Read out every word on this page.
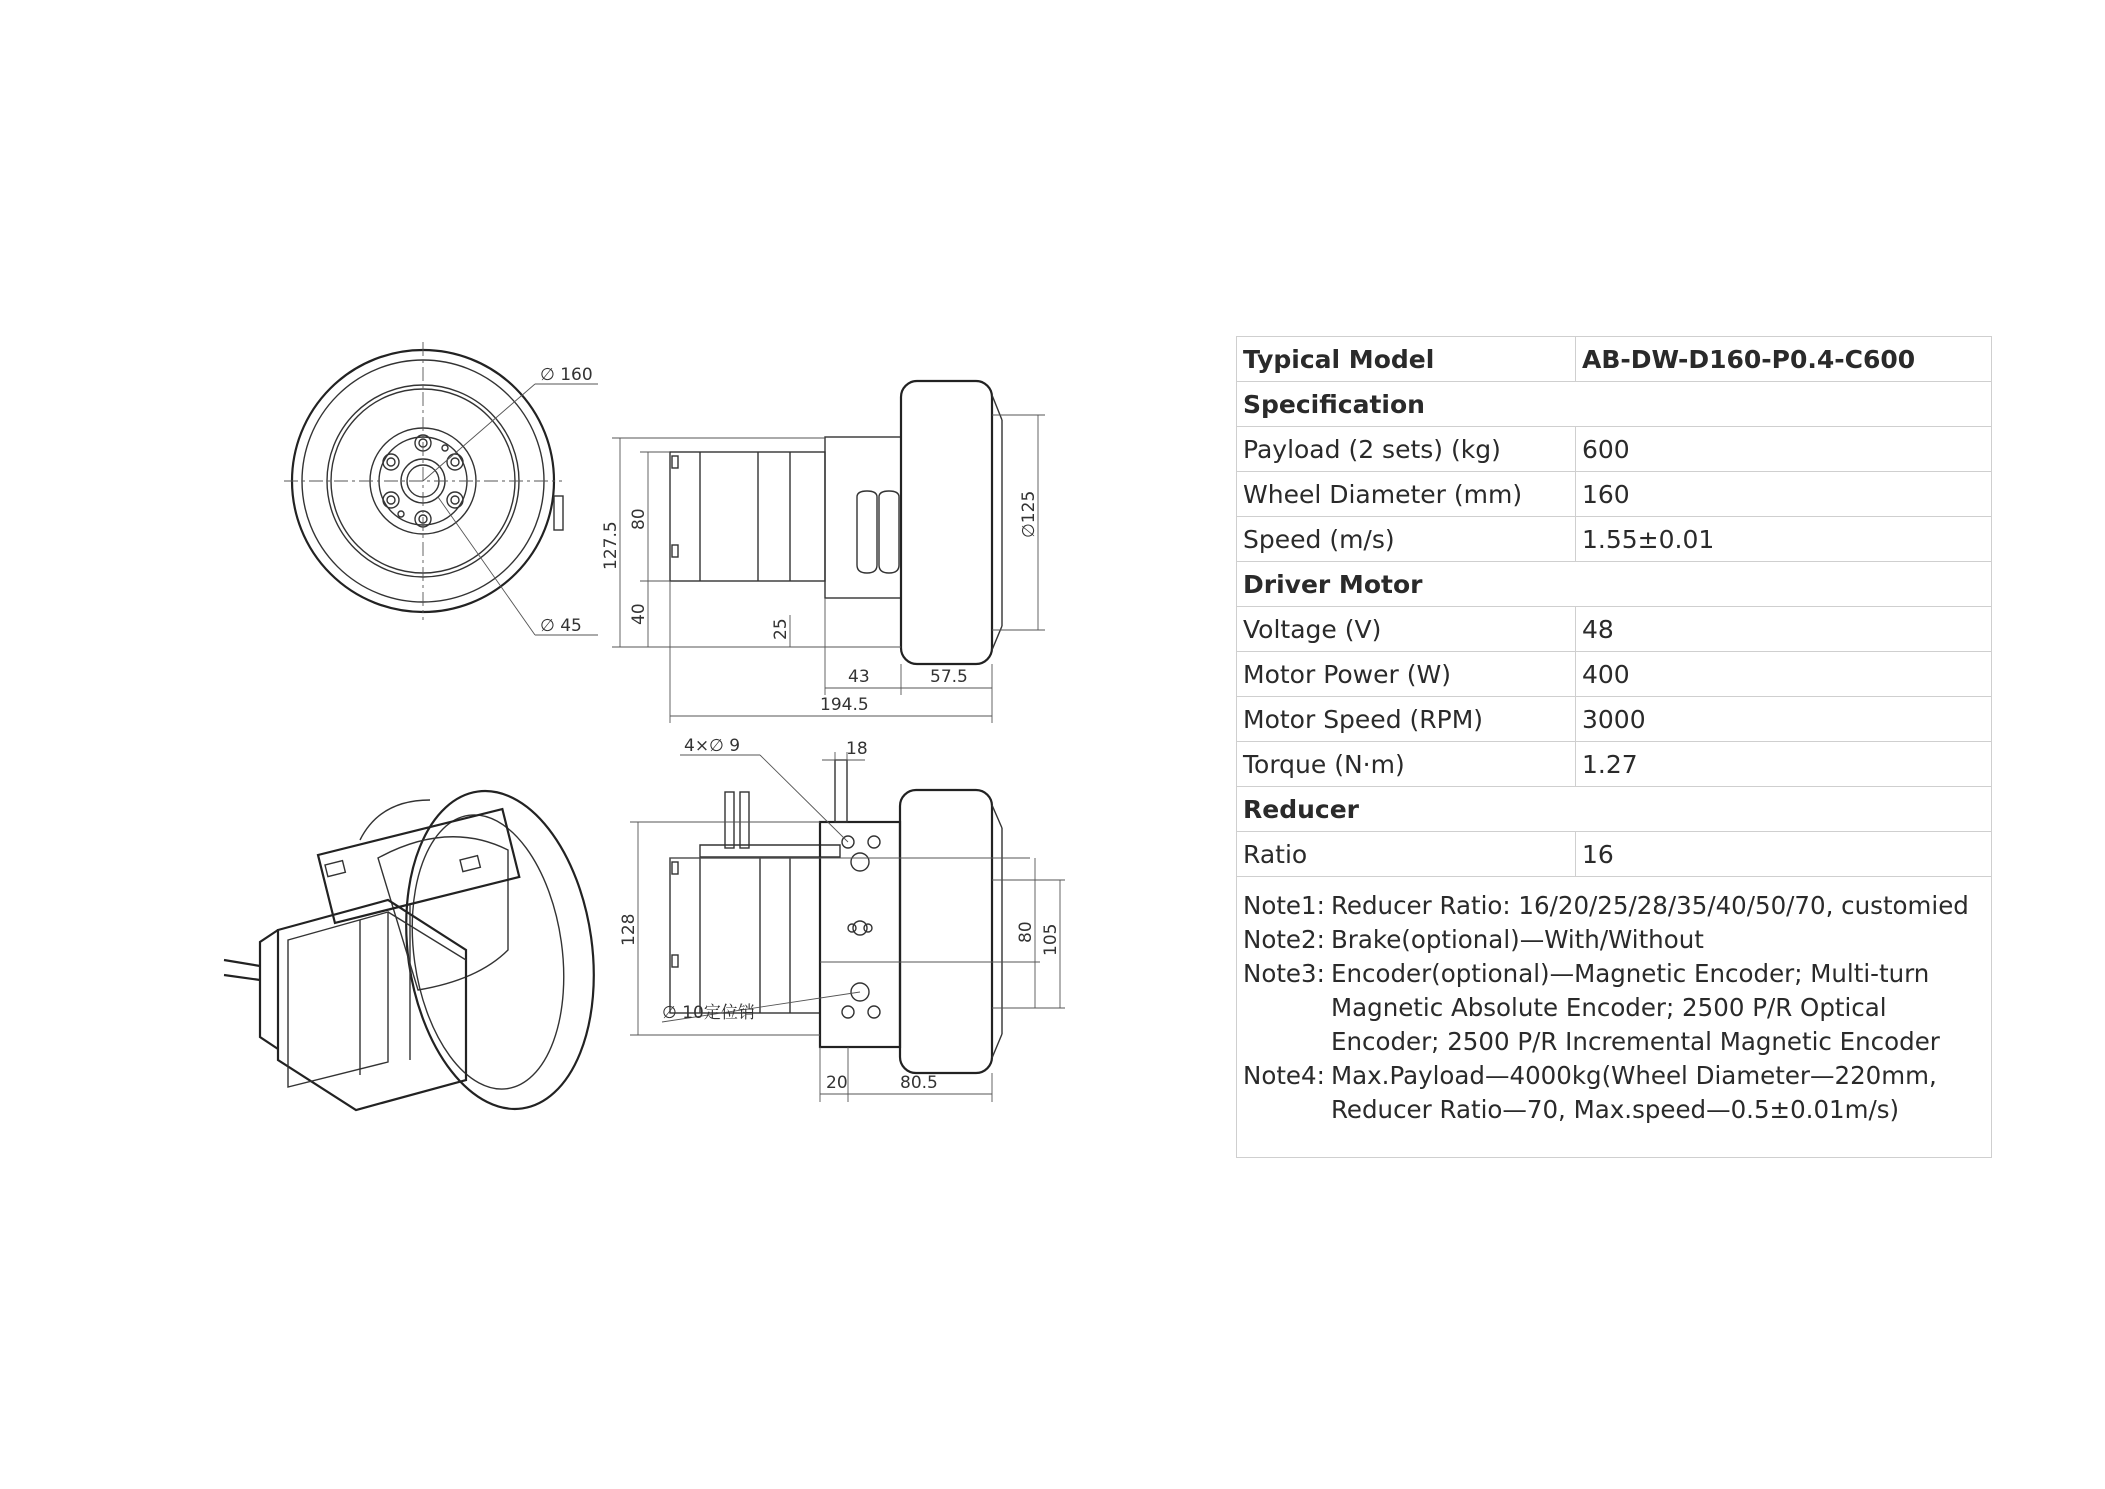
∅ 160
∅ 45
127.5
80
40
25
∅125
43	57.5
194.5
4×∅ 9	18
128	80 105
∅ 10定位销
20	80.5
Typical Model	AB-DW-D160-P0.4-C600
Specification	
Payload (2 sets) (kg)	600
Wheel Diameter (mm)	160
Speed (m/s)	1.55±0.01
Driver Motor	
Voltage (V)	48
Motor Power (W)	400
Motor Speed (RPM)	3000
Torque (N·m)	1.27
Reducer	
Ratio	16
Note1: Reducer Ratio: 16/20/25/28/35/40/50/70, customied
Note2: Brake(optional)—With/Without
Note3: Encoder(optional)—Magnetic Encoder; Multi-turn Magnetic Absolute Encoder; 2500 P/R Optical Encoder; 2500 P/R Incremental Magnetic Encoder
Note4: Max.Payload—4000kg(Wheel Diameter—220mm, Reducer Ratio—70, Max.speed—0.5±0.01m/s)
